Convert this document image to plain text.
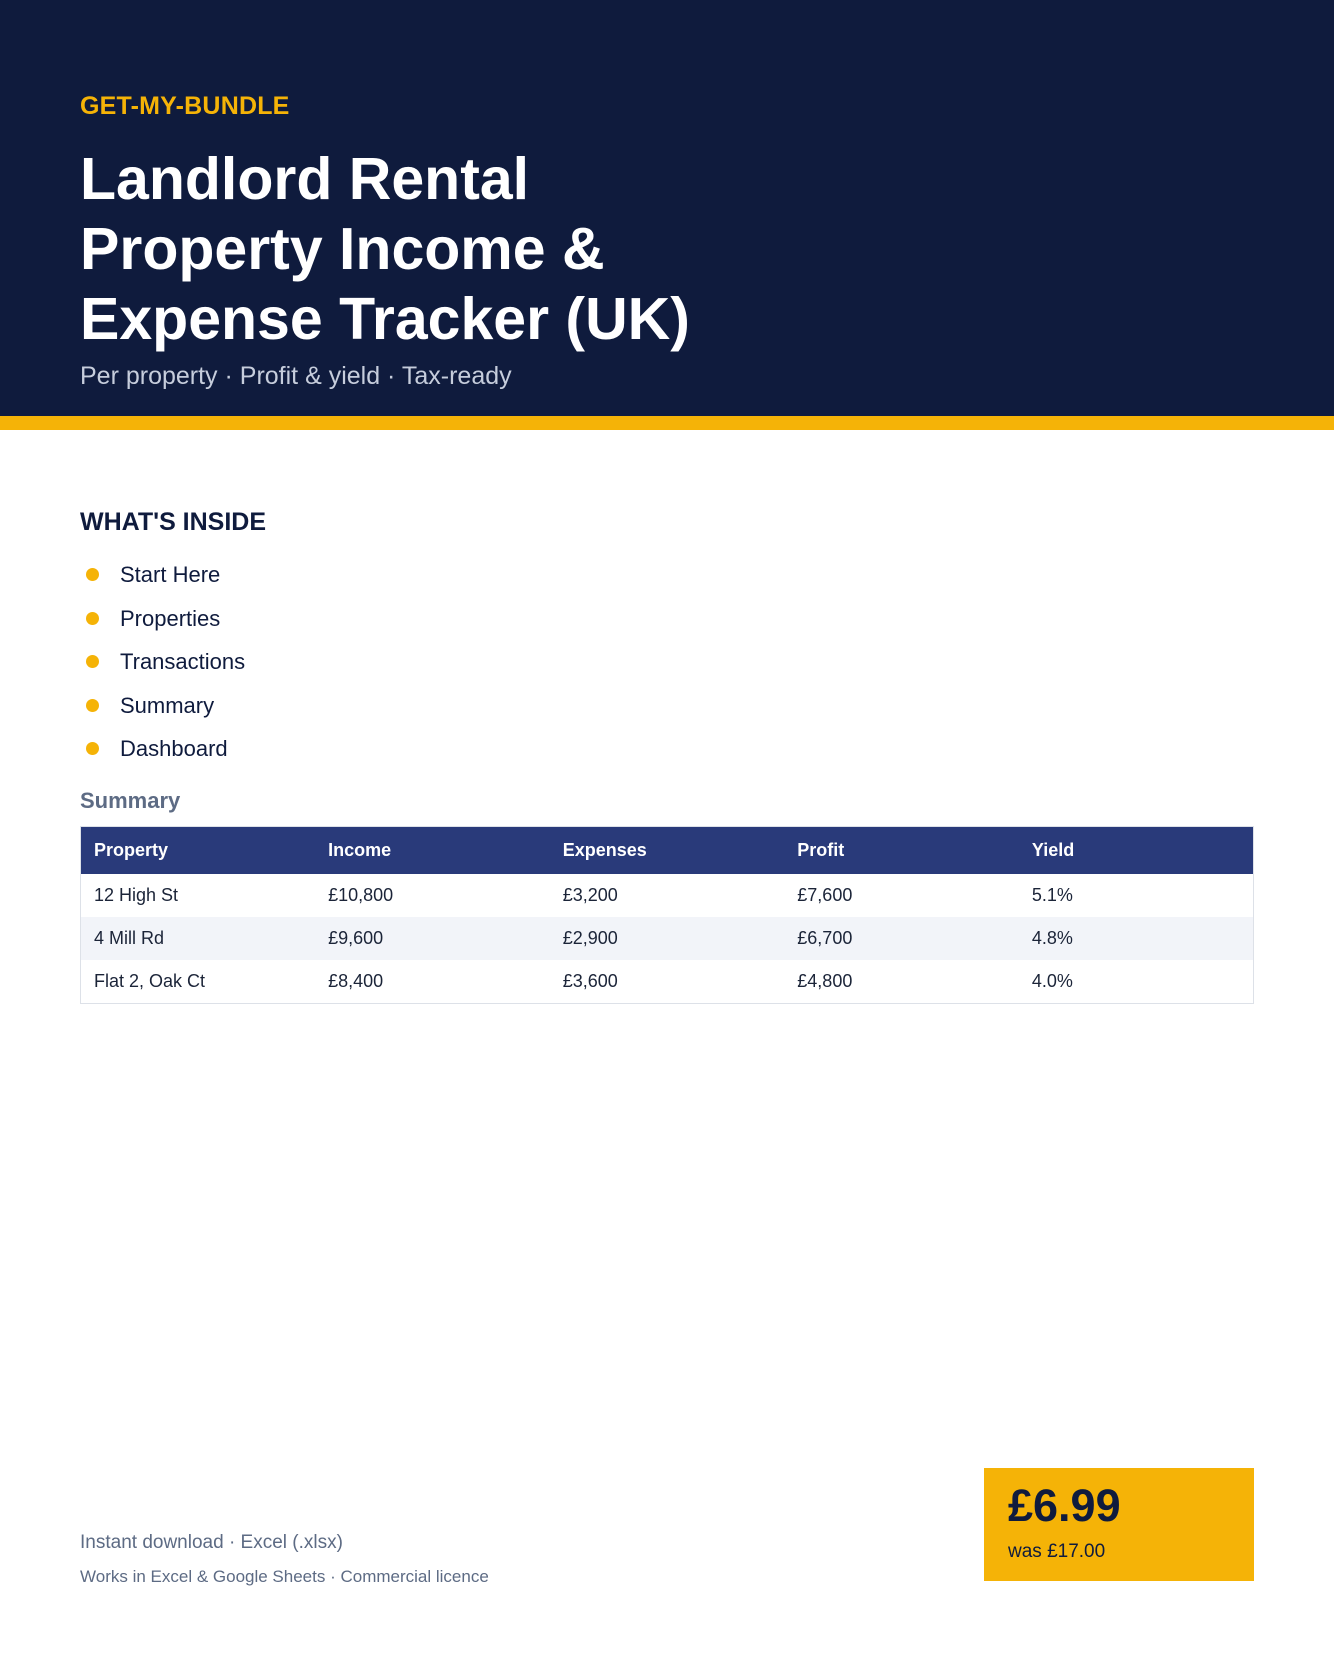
GET-MY-BUNDLE
Landlord Rental
Property Income &
Expense Tracker (UK)
Per property · Profit & yield · Tax-ready
WHAT'S INSIDE
Start Here
Properties
Transactions
Summary
Dashboard
Summary
Property	Income	Expenses	Profit	Yield
12 High St	£10,800	£3,200	£7,600	5.1%
4 Mill Rd	£9,600	£2,900	£6,700	4.8%
Flat 2, Oak Ct	£8,400	£3,600	£4,800	4.0%
Instant download · Excel (.xlsx)
Works in Excel & Google Sheets · Commercial licence
£6.99
was £17.00
